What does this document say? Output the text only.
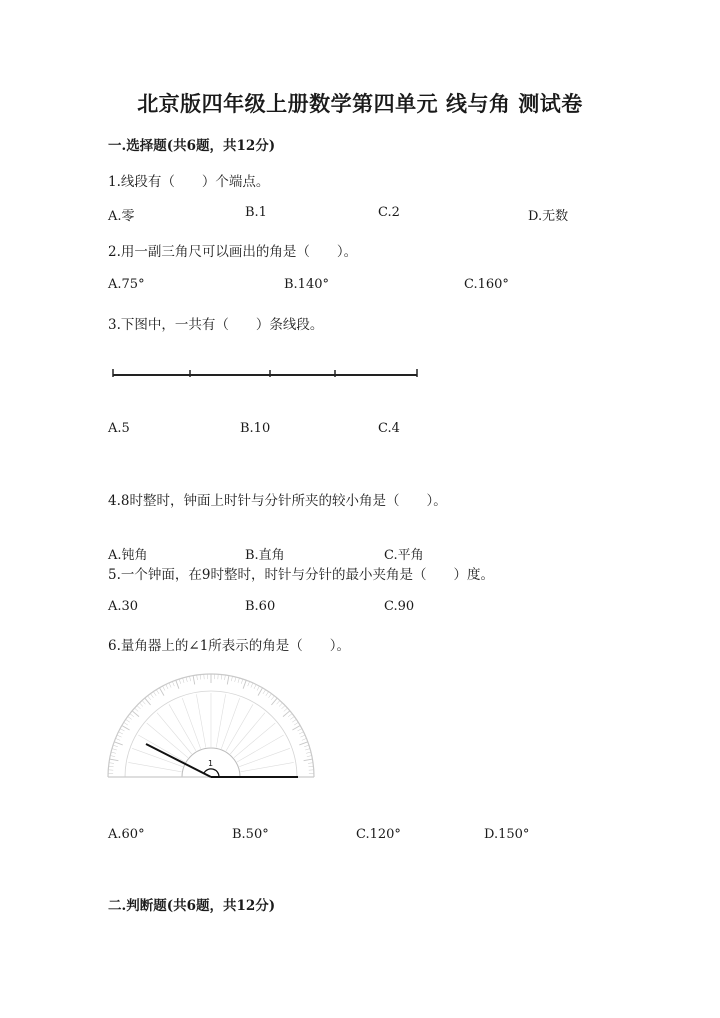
北京版四年级上册数学第四单元 线与角 测试卷
一.选择题(共6题，共12分)
1.线段有（　　）个端点。
A.零	B.1	C.2	D.无数
2.用一副三角尺可以画出的角是（　　）。
A.75°	B.140°	C.160°
3.下图中，一共有（　　）条线段。
A.5	B.10	C.4
4.8时整时，钟面上时针与分针所夹的较小角是（　　）。
A.钝角	B.直角	C.平角
5.一个钟面，在9时整时，时针与分针的最小夹角是（　　）度。
A.30	B.60	C.90
6.量角器上的∠1所表示的角是（　　）。
1
A.60°	B.50°	C.120°	D.150°
二.判断题(共6题，共12分)
